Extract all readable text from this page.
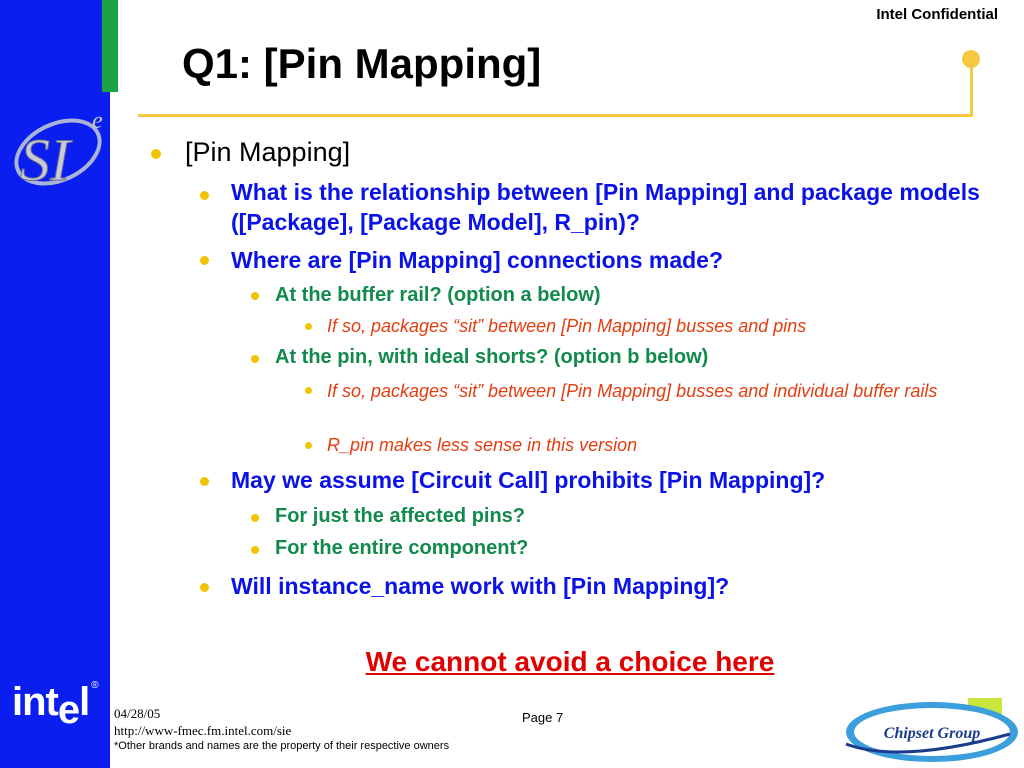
SI
e
intel ®
Intel Confidential
Q1: [Pin Mapping]
[Pin Mapping]
What is the relationship between [Pin Mapping] and package models ([Package], [Package Model], R_pin)?
Where are [Pin Mapping] connections made?
At the buffer rail? (option a below)
If so, packages “sit” between [Pin Mapping] busses and pins
At the pin, with ideal shorts? (option b below)
If so, packages “sit” between [Pin Mapping] busses and individual buffer rails
R_pin makes less sense in this version
May we assume [Circuit Call] prohibits [Pin Mapping]?
For just the affected pins?
For the entire component?
Will instance_name work with [Pin Mapping]?
We cannot avoid a choice here
04/28/05
http://www-fmec.fm.intel.com/sie
*Other brands and names are the property of their respective owners
Page 7
Chipset Group
